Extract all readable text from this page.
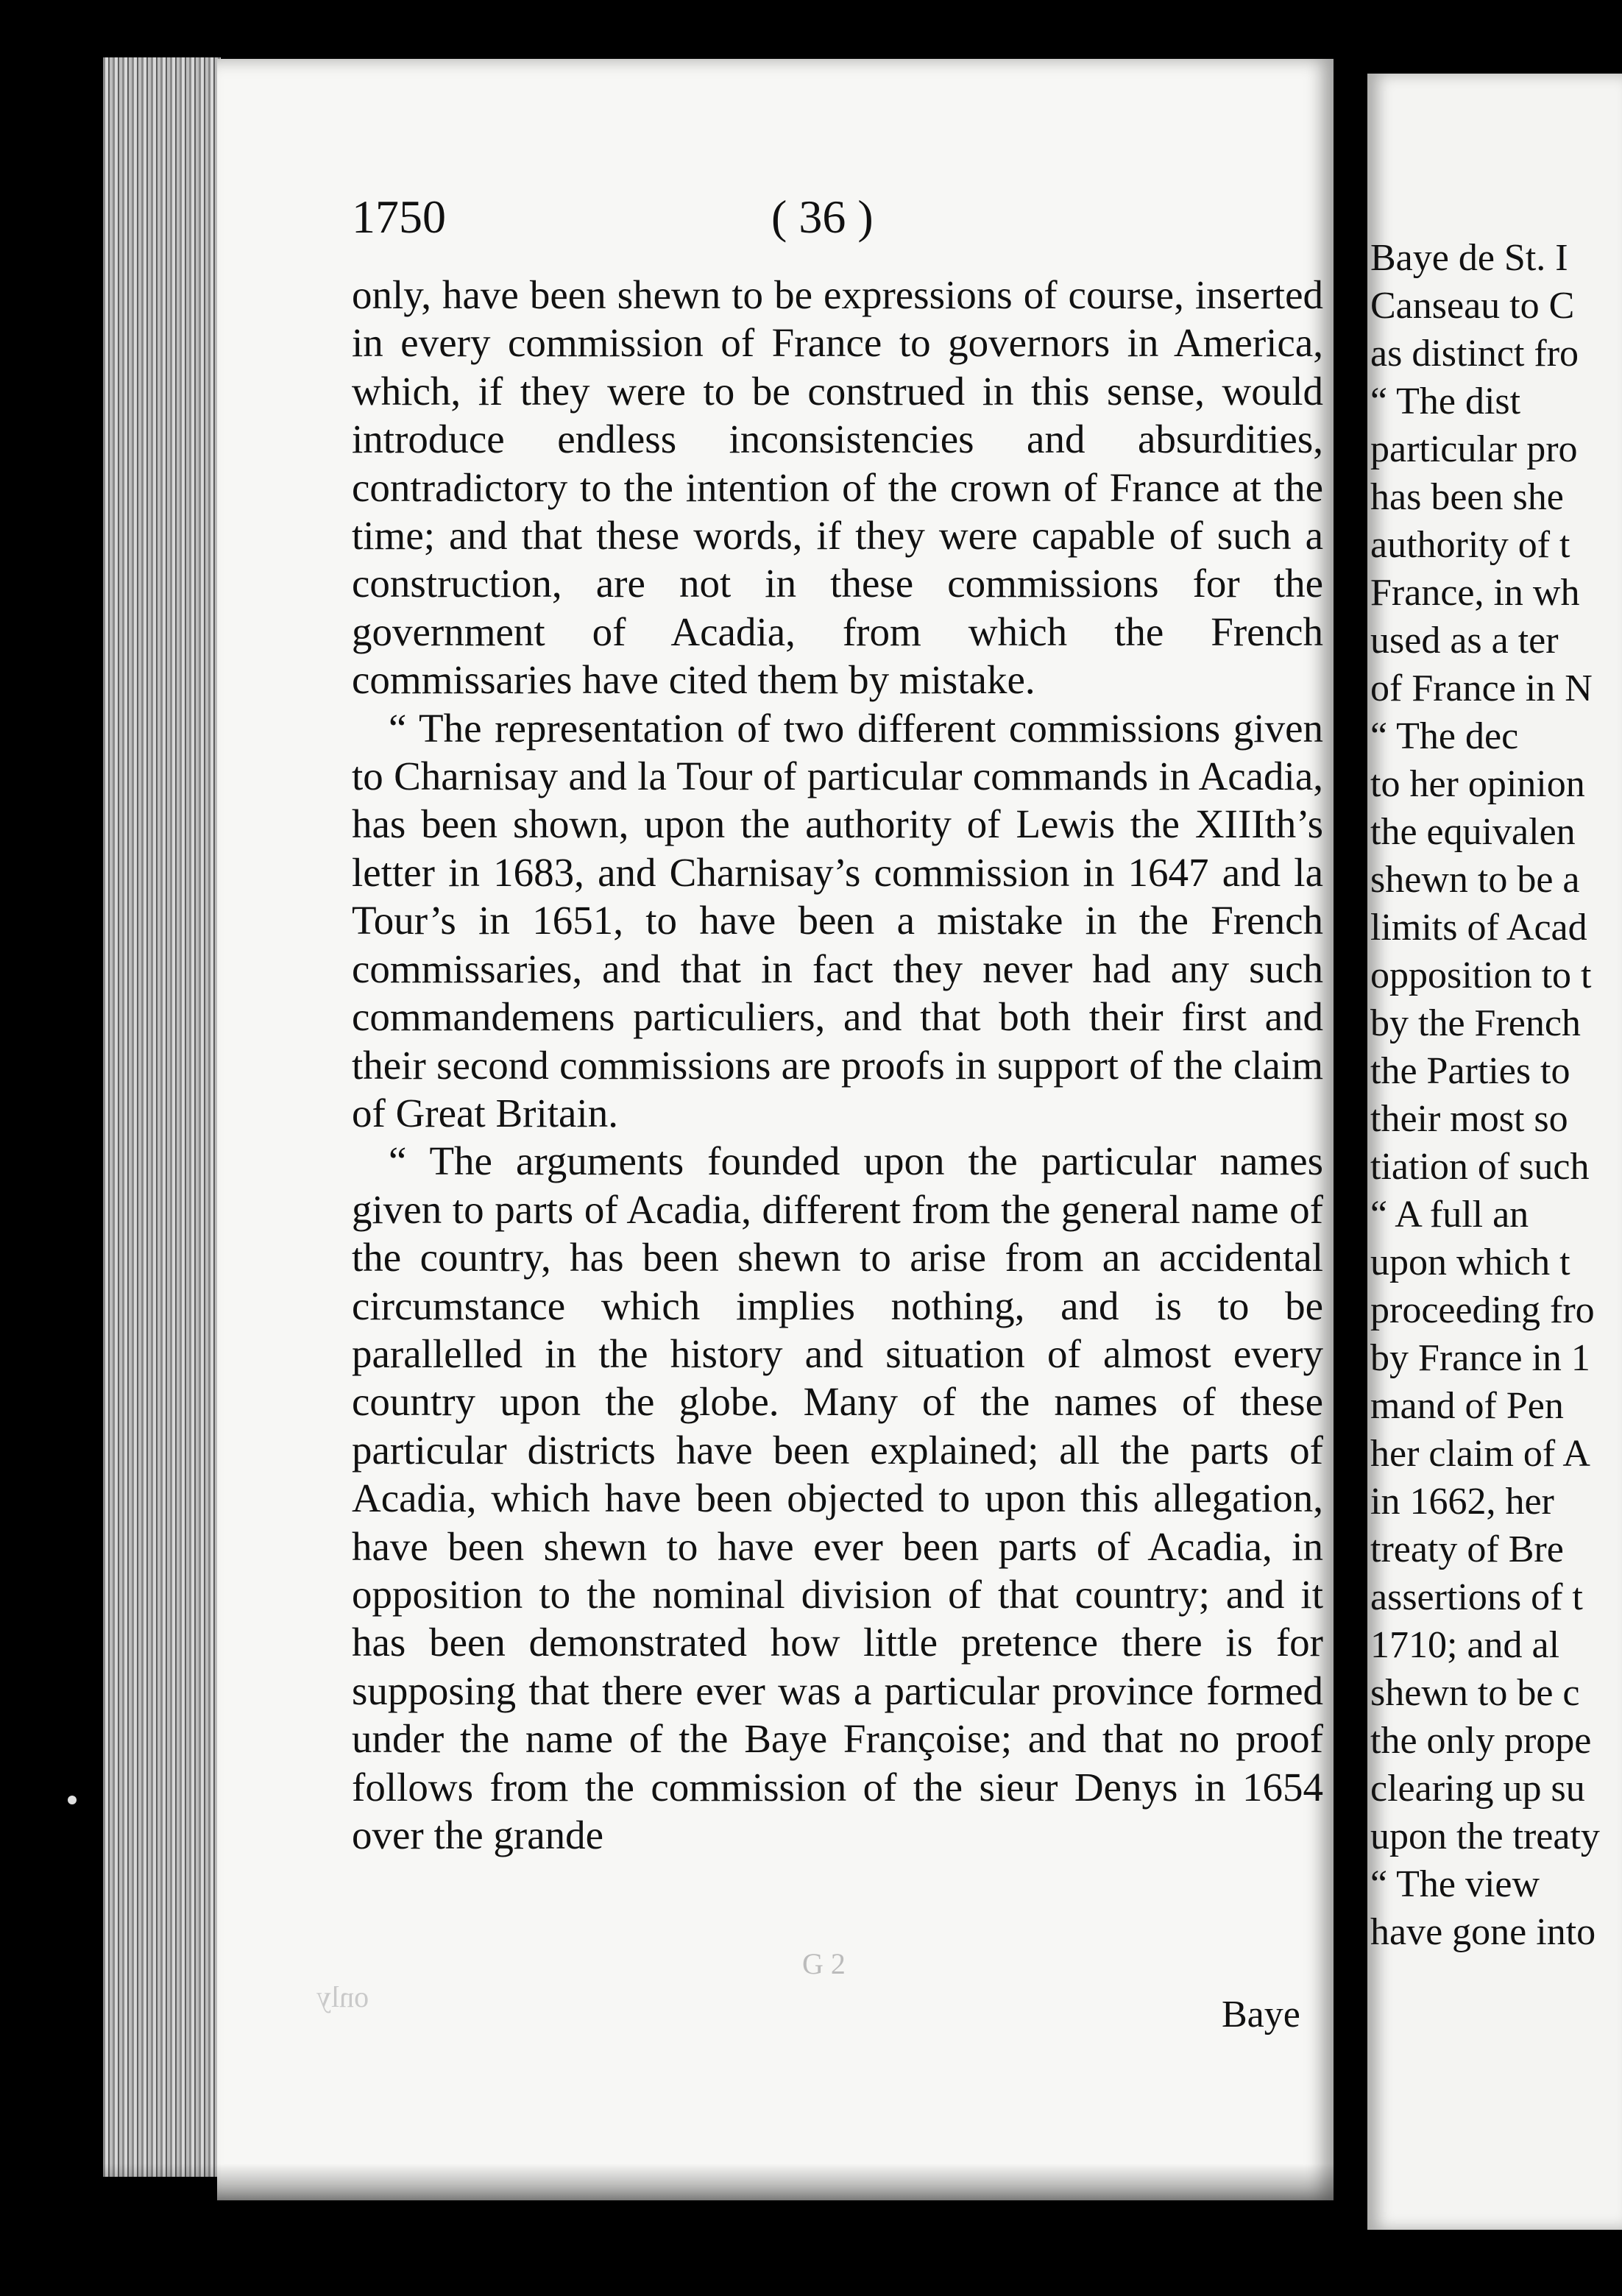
1750	( 36 )

only, have been shewn to be expressions of course, inserted in every commission of France to governors in America, which, if they were to be construed in this sense, would introduce endless inconsistencies and absurdities, contradictory to the intention of the crown of France at the time; and that these words, if they were capable of such a construction, are not in these commissions for the government of Acadia, from which the French commissaries have cited them by mistake.

“ The representation of two different commissions given to Charnisay and la Tour of particular commands in Acadia, has been shown, upon the authority of Lewis the XIIIth’s letter in 1683, and Charnisay’s commission in 1647 and la Tour’s in 1651, to have been a mistake in the French commissaries, and that in fact they never had any such commandemens particuliers, and that both their first and their second commissions are proofs in support of the claim of Great Britain.

“ The arguments founded upon the particular names given to parts of Acadia, different from the general name of the country, has been shewn to arise from an accidental circumstance which implies nothing, and is to be parallelled in the history and situation of almost every country upon the globe. Many of the names of these particular districts have been explained; all the parts of Acadia, which have been objected to upon this allegation, have been shewn to have ever been parts of Acadia, in opposition to the nominal division of that country; and it has been demonstrated how little pretence there is for supposing that there ever was a particular province formed under the name of the Baye Françoise; and that no proof follows from the commission of the sieur Denys in 1654 over the grande

G 2
only	Baye
Baye de St. I
Canseau to C
as distinct fro
“ The dist
particular pro
has been she
authority of t
France, in wh
used as a ter
of France in N
“ The dec
to her opinion
the equivalen
shewn to be a
limits of Acad
opposition to t
by the French
the Parties to
their most so
tiation of such
“ A full an
upon which t
proceeding fro
by France in 1
mand of Pen
her claim of A
in 1662, her
treaty of Bre
assertions of t
1710; and al
shewn to be c
the only prope
clearing up su
upon the treaty
“ The view
have gone into
